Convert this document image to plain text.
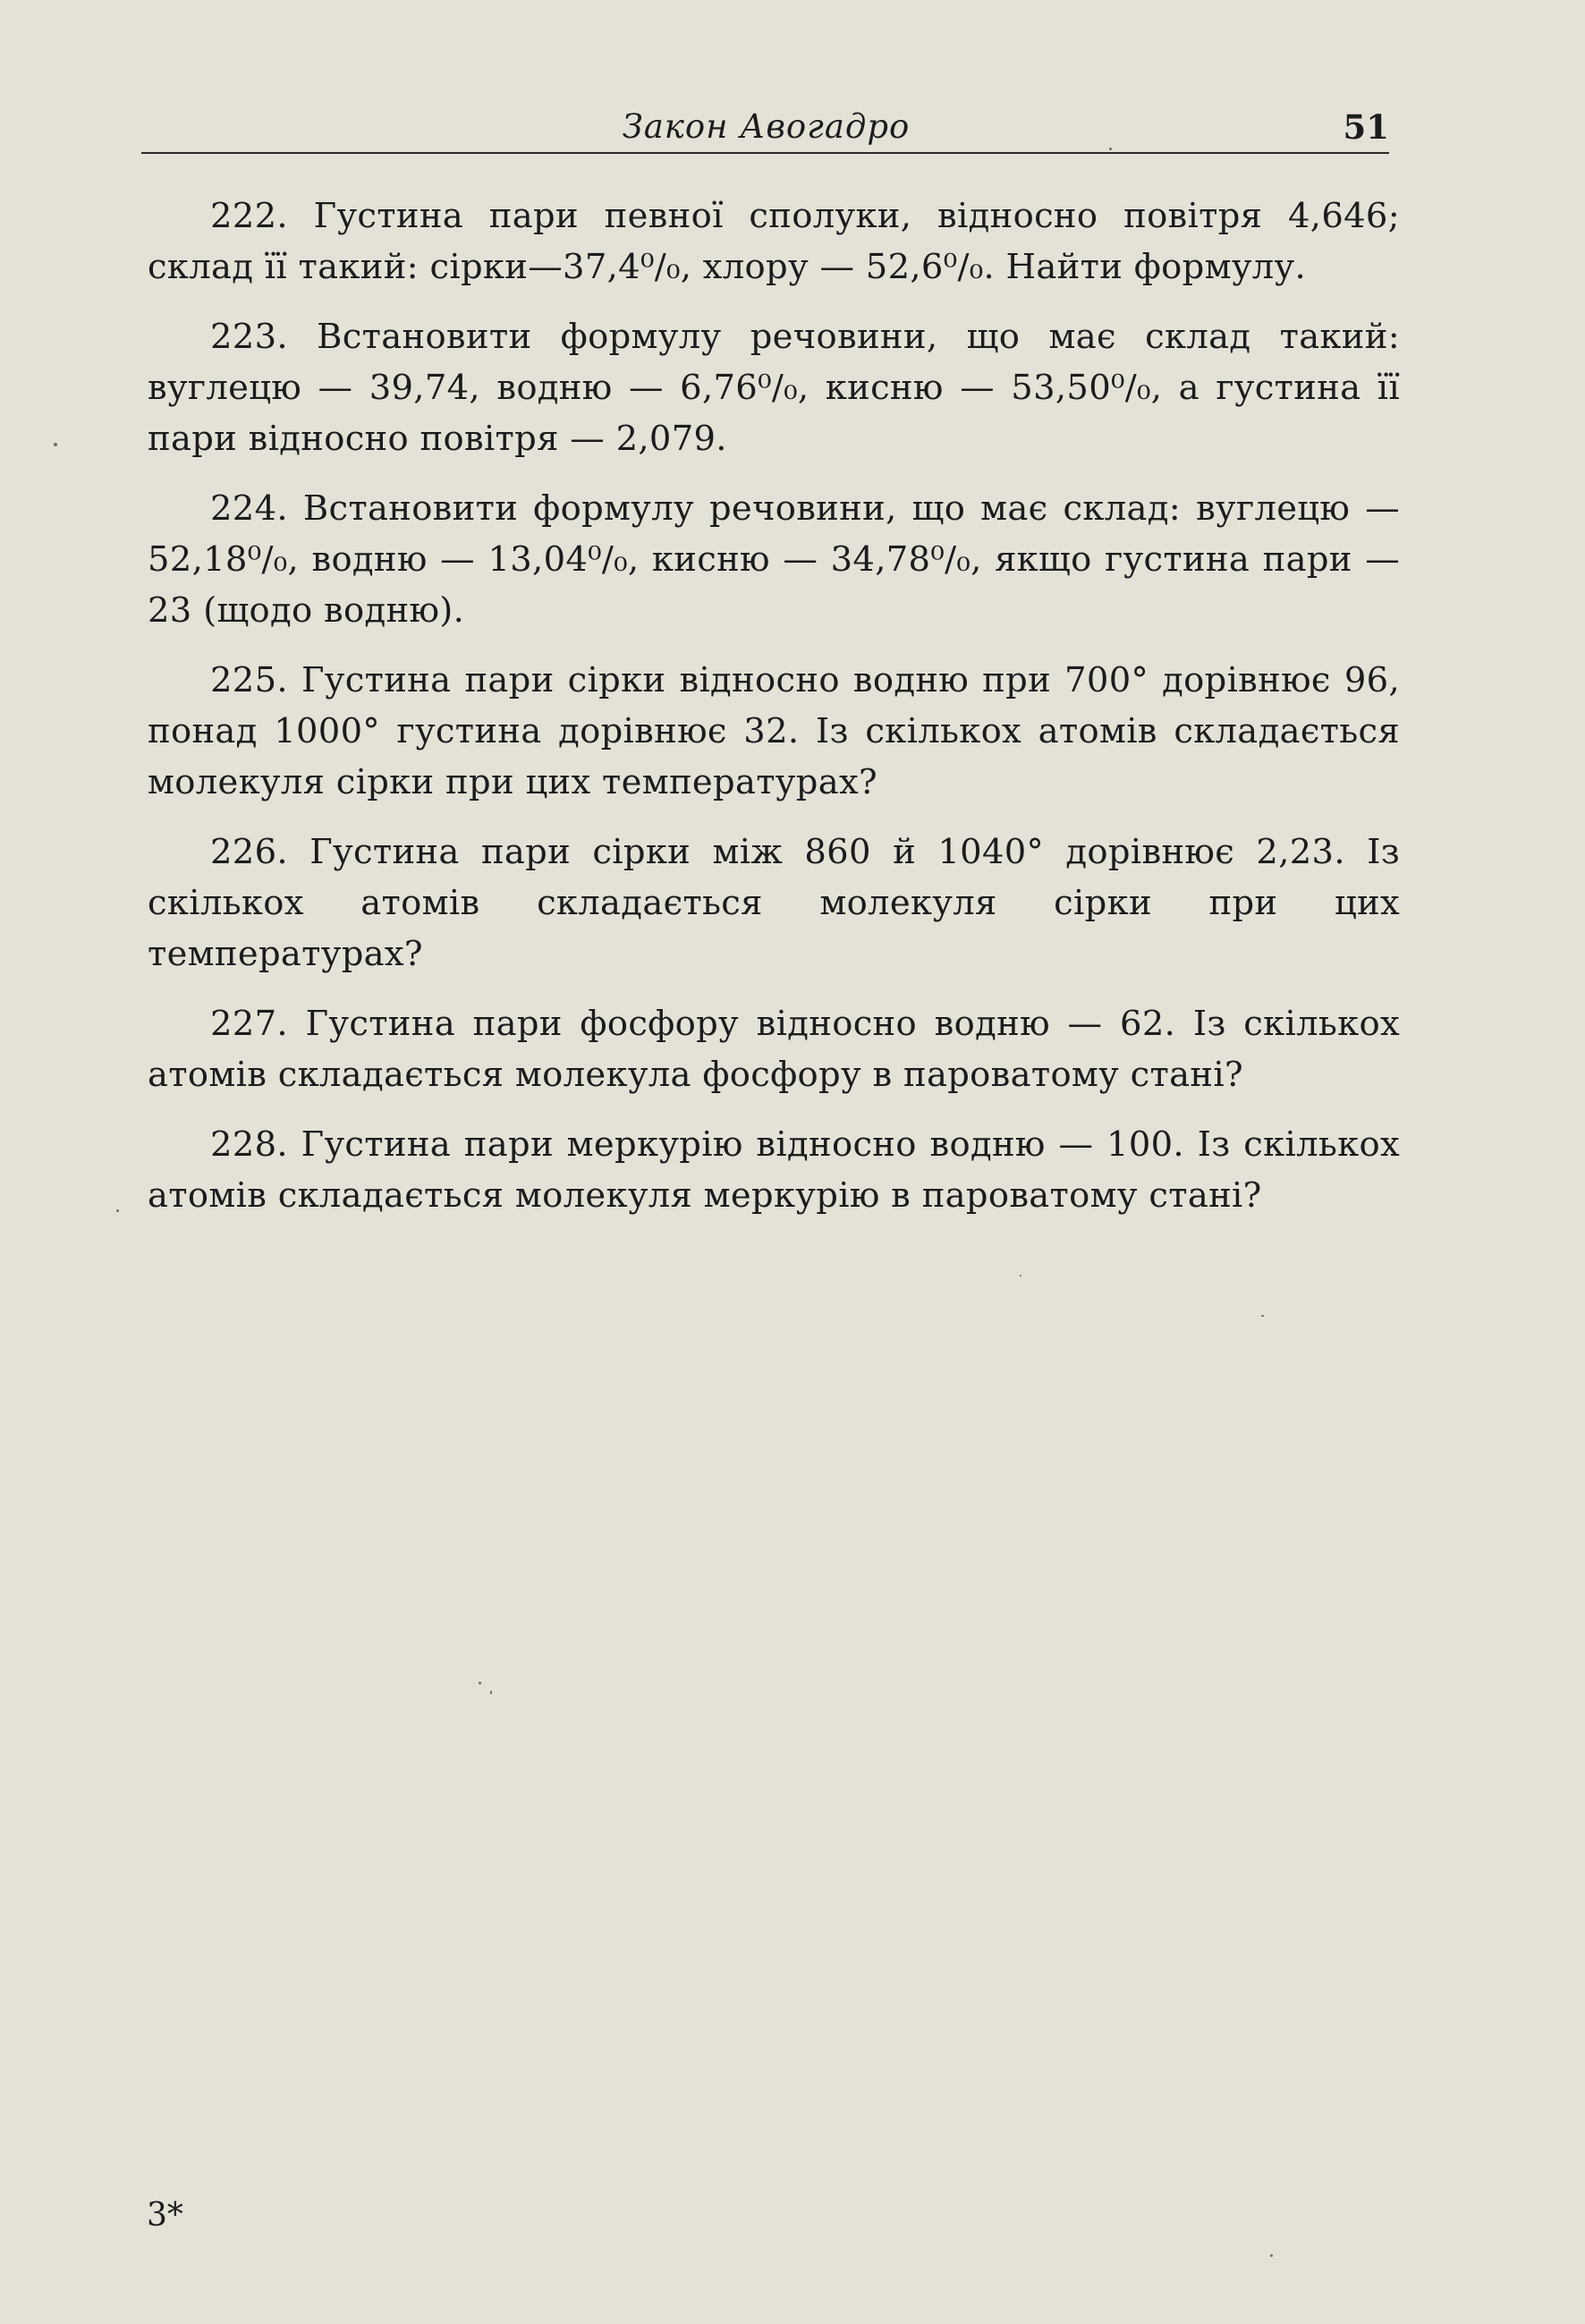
Закон Авогадро	51

222. Густина пари певної сполуки, відносно повітря 4,646; склад її такий: сірки—37,4⁰/₀, хлору — 52,6⁰/₀. Найти формулу.

223. Встановити формулу речовини, що має склад такий: вуглецю — 39,74, водню — 6,76⁰/₀, кисню — 53,50⁰/₀, а густина її пари відносно повітря — 2,079.

224. Встановити формулу речовини, що має склад: вуглецю — 52,18⁰/₀, водню — 13,04⁰/₀, кисню — 34,78⁰/₀, якщо густина пари — 23 (щодо водню).

225. Густина пари сірки відносно водню при 700° дорівнює 96, понад 1000° густина дорівнює 32. Із скількох атомів складається молекуля сірки при цих температурах?

226. Густина пари сірки між 860 й 1040° дорівнює 2,23. Із скількох атомів складається молекуля сірки при цих температурах?

227. Густина пари фосфору відносно водню — 62. Із скількох атомів складається молекула фосфору в пароватому стані?

228. Густина пари меркурію відносно водню — 100. Із скількох атомів складається молекуля меркурію в пароватому стані?

3*
